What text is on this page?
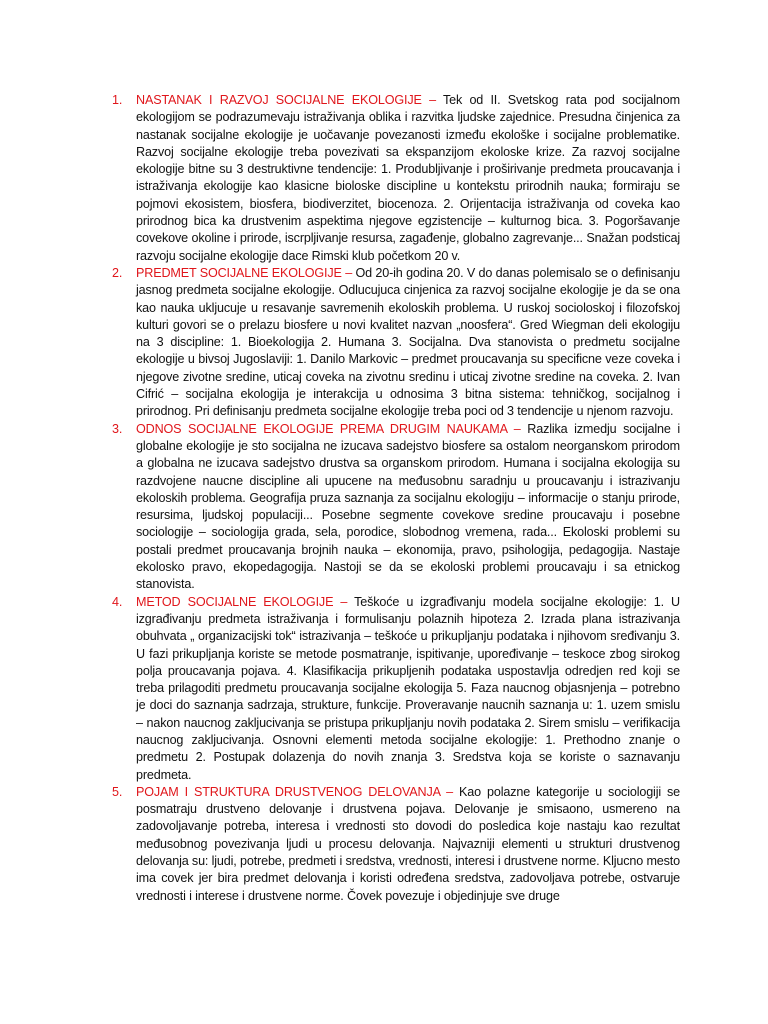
1. NASTANAK I RAZVOJ SOCIJALNE EKOLOGIJE – Tek od II. Svetskog rata pod socijalnom ekologijom se podrazumevaju istraživanja oblika i razvitka ljudske zajednice. Presudna činjenica za nastanak socijalne ekologije je uočavanje povezanosti između ekološke i socijalne problematike. Razvoj socijalne ekologije treba povezivati sa ekspanzijom ekoloske krize. Za razvoj socijalne ekologije bitne su 3 destruktivne tendencije: 1. Produbljivanje i proširivanje predmeta proucavanja i istraživanja ekologije kao klasicne bioloske discipline u kontekstu prirodnih nauka; formiraju se pojmovi ekosistem, biosfera, biodiverzitet, biocenoza. 2. Orijentacija istraživanja od coveka kao prirodnog bica ka drustvenim aspektima njegove egzistencije – kulturnog bica. 3. Pogoršavanje covekove okoline i prirode, iscrpljivanje resursa, zagađenje, globalno zagrevanje... Snažan podsticaj razvoju socijalne ekologije dace Rimski klub početkom 20 v.
2. PREDMET SOCIJALNE EKOLOGIJE – Od 20-ih godina 20. V do danas polemisalo se o definisanju jasnog predmeta socijalne ekologije. Odlucujuca cinjenica za razvoj socijalne ekologije je da se ona kao nauka ukljucuje u resavanje savremenih ekoloskih problema. U ruskoj socioloskoj i filozofskoj kulturi govori se o prelazu biosfere u novi kvalitet nazvan „noosfera“. Gred Wiegman deli ekologiju na 3 discipline: 1. Bioekologija 2. Humana 3. Socijalna. Dva stanovista o predmetu socijalne ekologije u bivsoj Jugoslaviji: 1. Danilo Markovic – predmet proucavanja su specificne veze coveka i njegove zivotne sredine, uticaj coveka na zivotnu sredinu i uticaj zivotne sredine na coveka. 2. Ivan Cifrić – socijalna ekologija je interakcija u odnosima 3 bitna sistema: tehničkog, socijalnog i prirodnog. Pri definisanju predmeta socijalne ekologije treba poci od 3 tendencije u njenom razvoju.
3. ODNOS SOCIJALNE EKOLOGIJE PREMA DRUGIM NAUKAMA – Razlika izmedju socijalne i globalne ekologije je sto socijalna ne izucava sadejstvo biosfere sa ostalom neorganskom prirodom a globalna ne izucava sadejstvo drustva sa organskom prirodom. Humana i socijalna ekologija su razdvojene naucne discipline ali upucene na međusobnu saradnju u proucavanju i istrazivanju ekoloskih problema. Geografija pruza saznanja za socijalnu ekologiju – informacije o stanju prirode, resursima, ljudskoj populaciji... Posebne segmente covekove sredine proucavaju i posebne sociologije – sociologija grada, sela, porodice, slobodnog vremena, rada... Ekoloski problemi su postali predmet proucavanja brojnih nauka – ekonomija, pravo, psihologija, pedagogija. Nastaje ekolosko pravo, ekopedagogija. Nastoji se da se ekoloski problemi proucavaju i sa etnickog stanovista.
4. METOD SOCIJALNE EKOLOGIJE – Teškoće u izgrađivanju modela socijalne ekologije: 1. U izgrađivanju predmeta istraživanja i formulisanju polaznih hipoteza 2. Izrada plana istrazivanja obuhvata „ organizacijski tok“ istrazivanja – teškoće u prikupljanju podataka i njihovom sređivanju 3. U fazi prikupljanja koriste se metode posmatranje, ispitivanje, upoređivanje – teskoce zbog sirokog polja proucavanja pojava. 4. Klasifikacija prikupljenih podataka uspostavlja odredjen red koji se treba prilagoditi predmetu proucavanja socijalne ekologija 5. Faza naucnog objasnjenja – potrebno je doci do saznanja sadrzaja, strukture, funkcije. Proveravanje naucnih saznanja u: 1. uzem smislu – nakon naucnog zakljucivanja se pristupa prikupljanju novih podataka 2. Sirem smislu – verifikacija naucnog zakljucivanja. Osnovni elementi metoda socijalne ekologije: 1. Prethodno znanje o predmetu 2. Postupak dolazenja do novih znanja 3. Sredstva koja se koriste o saznavanju predmeta.
5. POJAM I STRUKTURA DRUSTVENOG DELOVANJA – Kao polazne kategorije u sociologiji se posmatraju drustveno delovanje i drustvena pojava. Delovanje je smisaono, usmereno na zadovoljavanje potreba, interesa i vrednosti sto dovodi do posledica koje nastaju kao rezultat međusobnog povezivanja ljudi u procesu delovanja. Najvazniji elementi u strukturi drustvenog delovanja su: ljudi, potrebe, predmeti i sredstva, vrednosti, interesi i drustvene norme. Kljucno mesto ima covek jer bira predmet delovanja i koristi određena sredstva, zadovoljava potrebe, ostvaruje vrednosti i interese i drustvene norme. Čovek povezuje i objedinjuje sve druge
